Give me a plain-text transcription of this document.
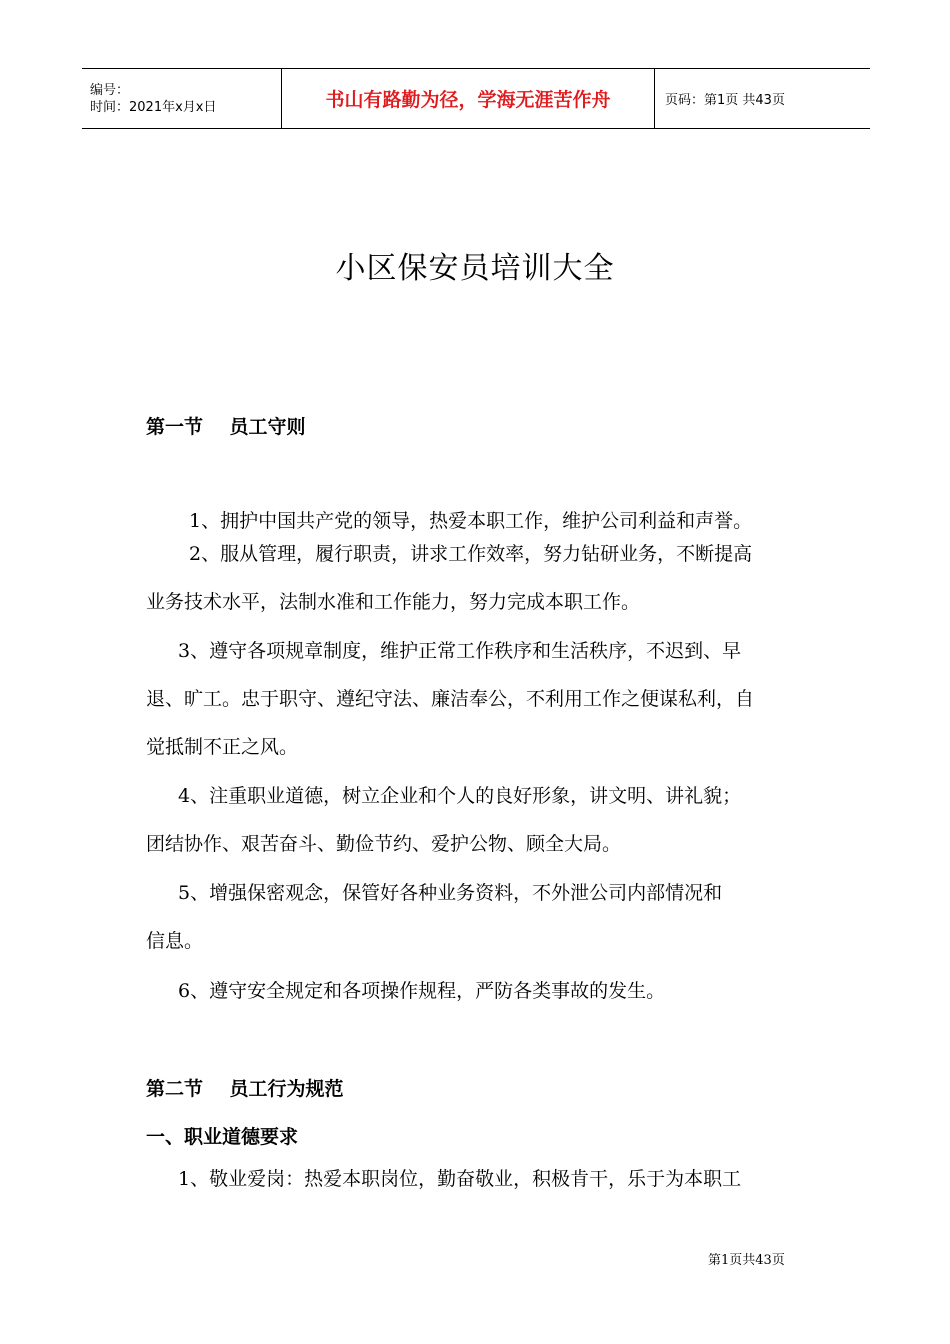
编号：
时间：2021年x月x日	书山有路勤为径，学海无涯苦作舟	页码：第1页 共43页
小区保安员培训大全
第一节    员工守则
1、拥护中国共产党的领导，热爱本职工作，维护公司利益和声誉。
2、服从管理，履行职责，讲求工作效率，努力钻研业务，不断提高
业务技术水平，法制水准和工作能力，努力完成本职工作。
3、遵守各项规章制度，维护正常工作秩序和生活秩序，不迟到、早
退、旷工。忠于职守、遵纪守法、廉洁奉公，不利用工作之便谋私利，自
觉抵制不正之风。
4、注重职业道德，树立企业和个人的良好形象，讲文明、讲礼貌；
团结协作、艰苦奋斗、勤俭节约、爱护公物、顾全大局。
5、增强保密观念，保管好各种业务资料，不外泄公司内部情况和
信息。
6、遵守安全规定和各项操作规程，严防各类事故的发生。
第二节    员工行为规范
一、职业道德要求
1、敬业爱岗：热爱本职岗位，勤奋敬业，积极肯干，乐于为本职工
第1页共43页
